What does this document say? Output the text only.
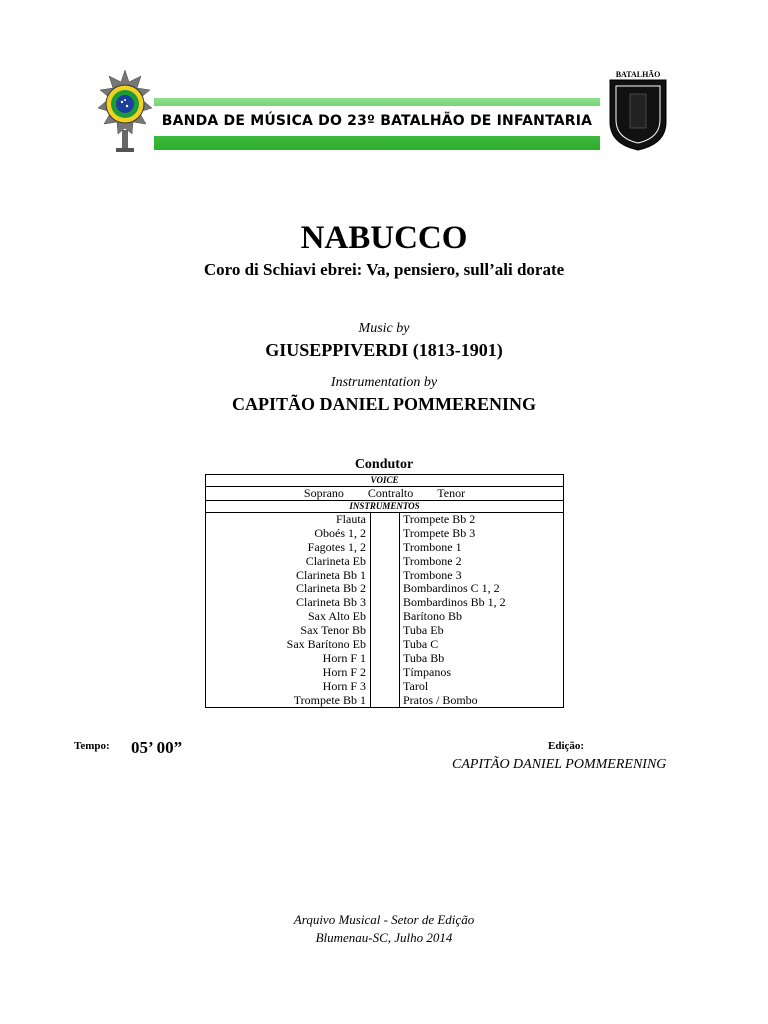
BANDA DE MÚSICA DO 23º BATALHÃO DE INFANTARIA
BATALHÃO
NABUCCO
Coro di Schiavi ebrei: Va, pensiero, sull’ali dorate
Music by
GIUSEPPIVERDI (1813-1901)
Instrumentation by
CAPITÃO DANIEL POMMERENING
Condutor
VOICE
Soprano Contralto Tenor
INSTRUMENTOS
Flauta
Oboés 1, 2
Fagotes 1, 2
Clarineta Eb
Clarineta Bb 1
Clarineta Bb 2
Clarineta Bb 3
Sax Alto Eb
Sax Tenor Bb
Sax Barítono Eb
Horn F 1
Horn F 2
Horn F 3
Trompete Bb 1
Trompete Bb 2
Trompete Bb 3
Trombone 1
Trombone 2
Trombone 3
Bombardinos C 1, 2
Bombardinos Bb 1, 2
Barítono Bb
Tuba Eb
Tuba C
Tuba Bb
Tímpanos
Tarol
Pratos / Bombo
Tempo: 05’ 00”	Edição:
CAPITÃO DANIEL POMMERENING
Arquivo Musical - Setor de Edição
Blumenau-SC, Julho 2014
